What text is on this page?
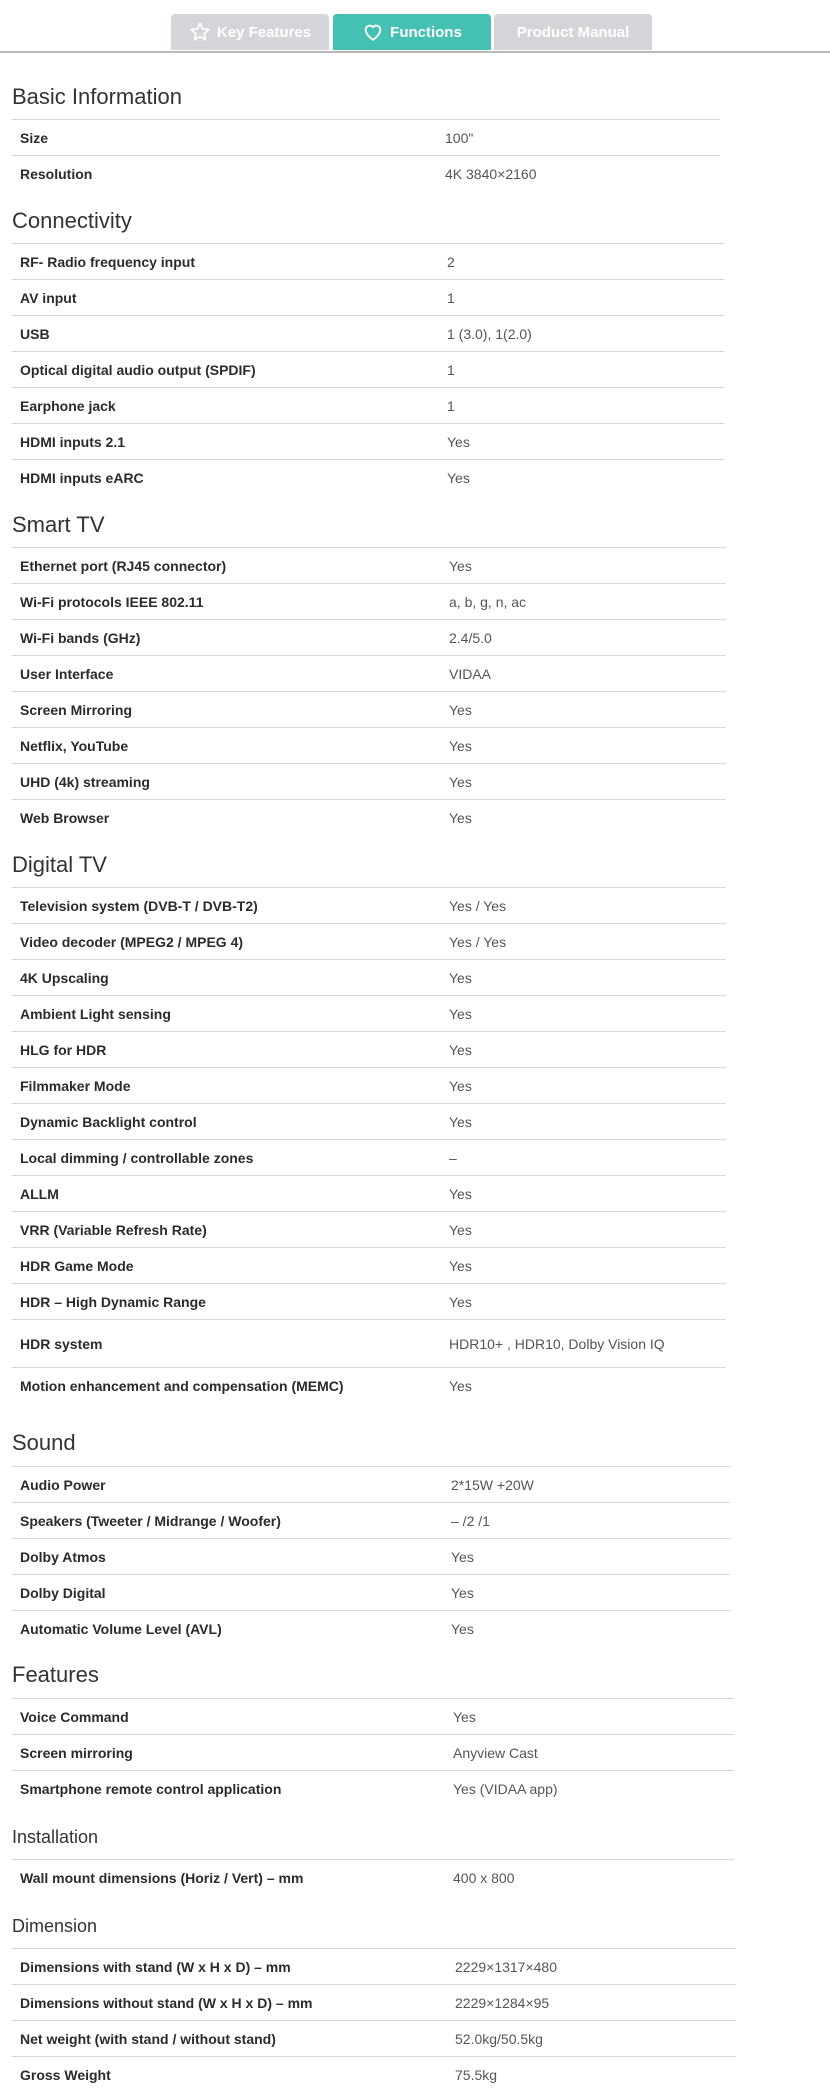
Key Features	Functions	Product Manual
Basic Information
Size	100"
Resolution	4K 3840×2160
Connectivity
RF- Radio frequency input	2
AV input	1
USB	1 (3.0), 1(2.0)
Optical digital audio output (SPDIF)	1
Earphone jack	1
HDMI inputs 2.1	Yes
HDMI inputs eARC	Yes
Smart TV
Ethernet port (RJ45 connector)	Yes
Wi-Fi protocols IEEE 802.11	a, b, g, n, ac
Wi-Fi bands (GHz)	2.4/5.0
User Interface	VIDAA
Screen Mirroring	Yes
Netflix, YouTube	Yes
UHD (4k) streaming	Yes
Web Browser	Yes
Digital TV
Television system (DVB-T / DVB-T2)	Yes / Yes
Video decoder (MPEG2 / MPEG 4)	Yes / Yes
4K Upscaling	Yes
Ambient Light sensing	Yes
HLG for HDR	Yes
Filmmaker Mode	Yes
Dynamic Backlight control	Yes
Local dimming / controllable zones	–
ALLM	Yes
VRR (Variable Refresh Rate)	Yes
HDR Game Mode	Yes
HDR – High Dynamic Range	Yes
HDR system	HDR10+ , HDR10, Dolby Vision IQ
Motion enhancement and compensation (MEMC)	Yes
Sound
Audio Power	2*15W +20W
Speakers (Tweeter / Midrange / Woofer)	– /2 /1
Dolby Atmos	Yes
Dolby Digital	Yes
Automatic Volume Level (AVL)	Yes
Features
Voice Command	Yes
Screen mirroring	Anyview Cast
Smartphone remote control application	Yes (VIDAA app)
Installation
Wall mount dimensions (Horiz / Vert) – mm	400 x 800
Dimension
Dimensions with stand (W x H x D) – mm	2229×1317×480
Dimensions without stand (W x H x D) – mm	2229×1284×95
Net weight (with stand / without stand)	52.0kg/50.5kg
Gross Weight	75.5kg
